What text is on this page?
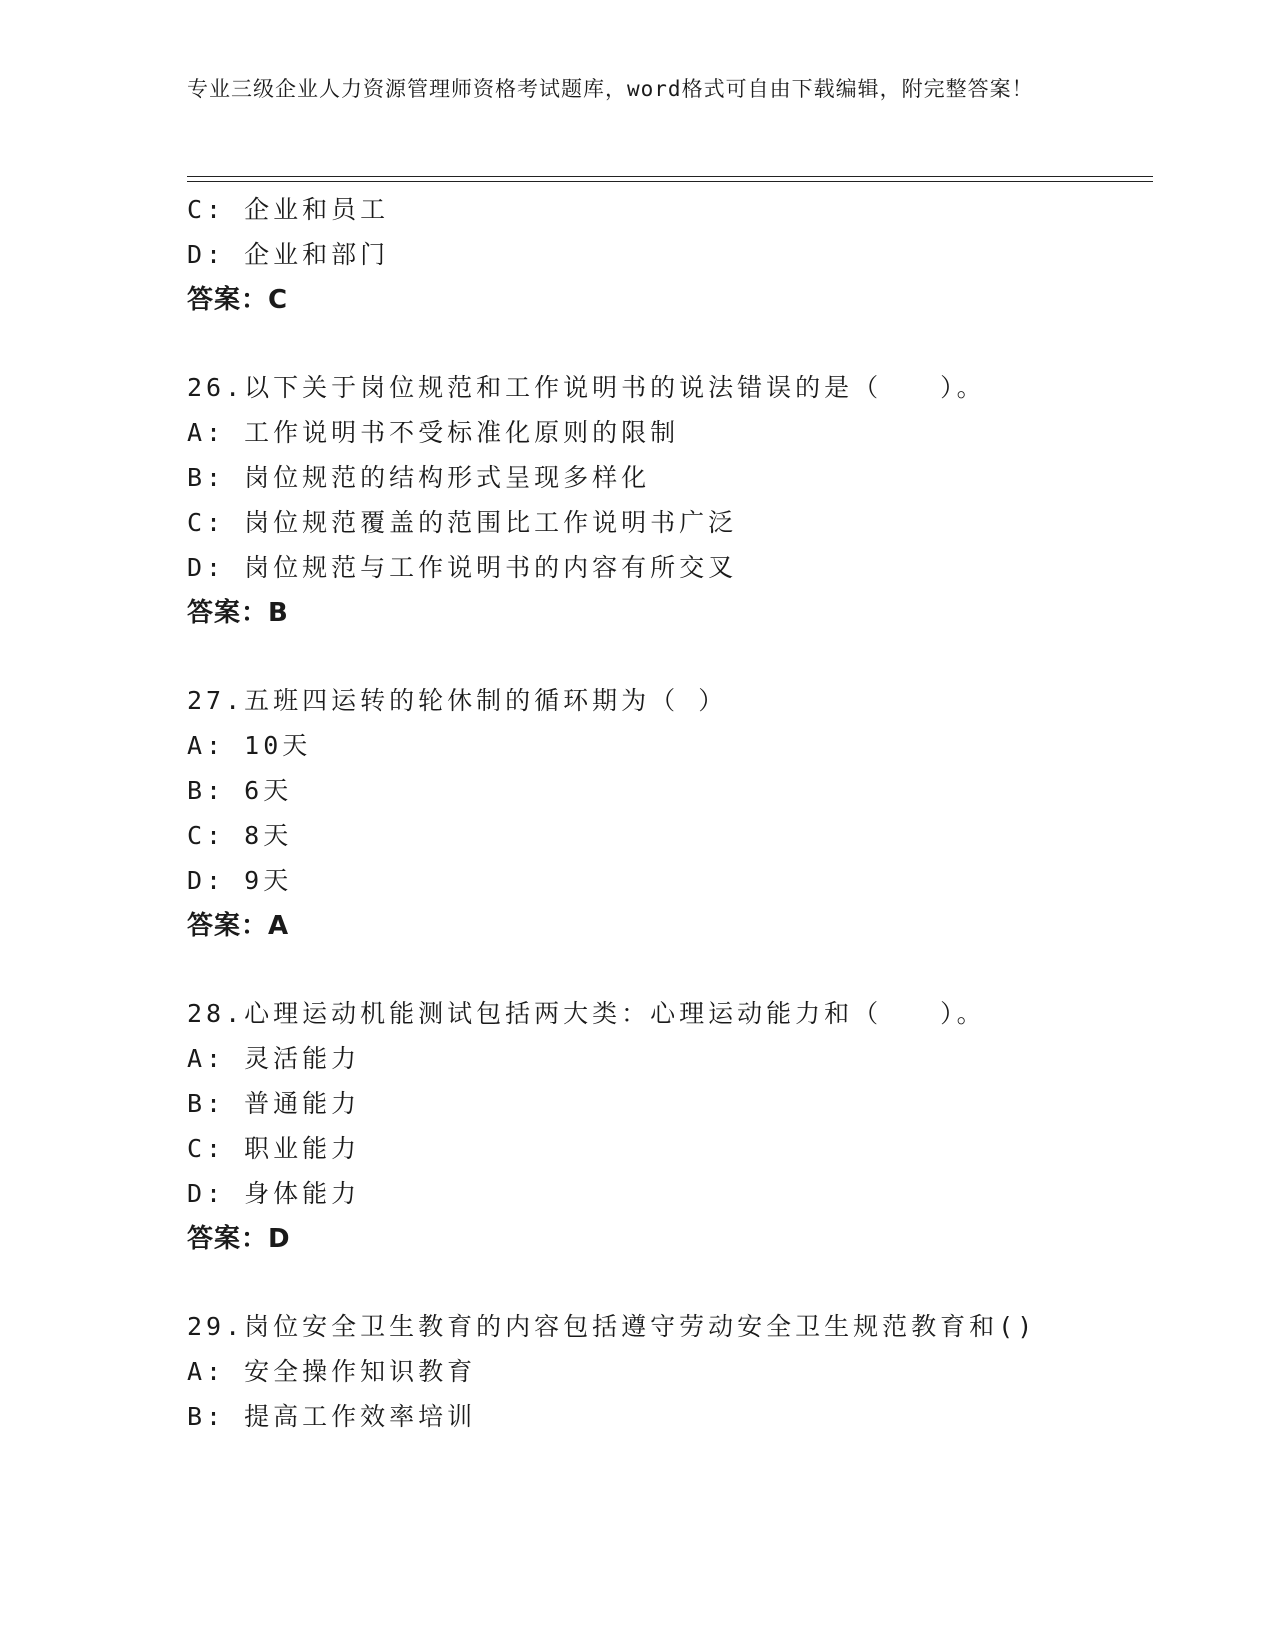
专业三级企业人力资源管理师资格考试题库，word格式可自由下载编辑，附完整答案！
C: 企业和员工
D: 企业和部门
答案：C
26.以下关于岗位规范和工作说明书的说法错误的是（　　）。
A: 工作说明书不受标准化原则的限制
B: 岗位规范的结构形式呈现多样化
C: 岗位规范覆盖的范围比工作说明书广泛
D: 岗位规范与工作说明书的内容有所交叉
答案：B
27.五班四运转的轮休制的循环期为（ ）
A: 10天
B: 6天
C: 8天
D: 9天
答案：A
28.心理运动机能测试包括两大类：心理运动能力和（　　）。
A: 灵活能力
B: 普通能力
C: 职业能力
D: 身体能力
答案：D
29.岗位安全卫生教育的内容包括遵守劳动安全卫生规范教育和()
A: 安全操作知识教育
B: 提高工作效率培训
